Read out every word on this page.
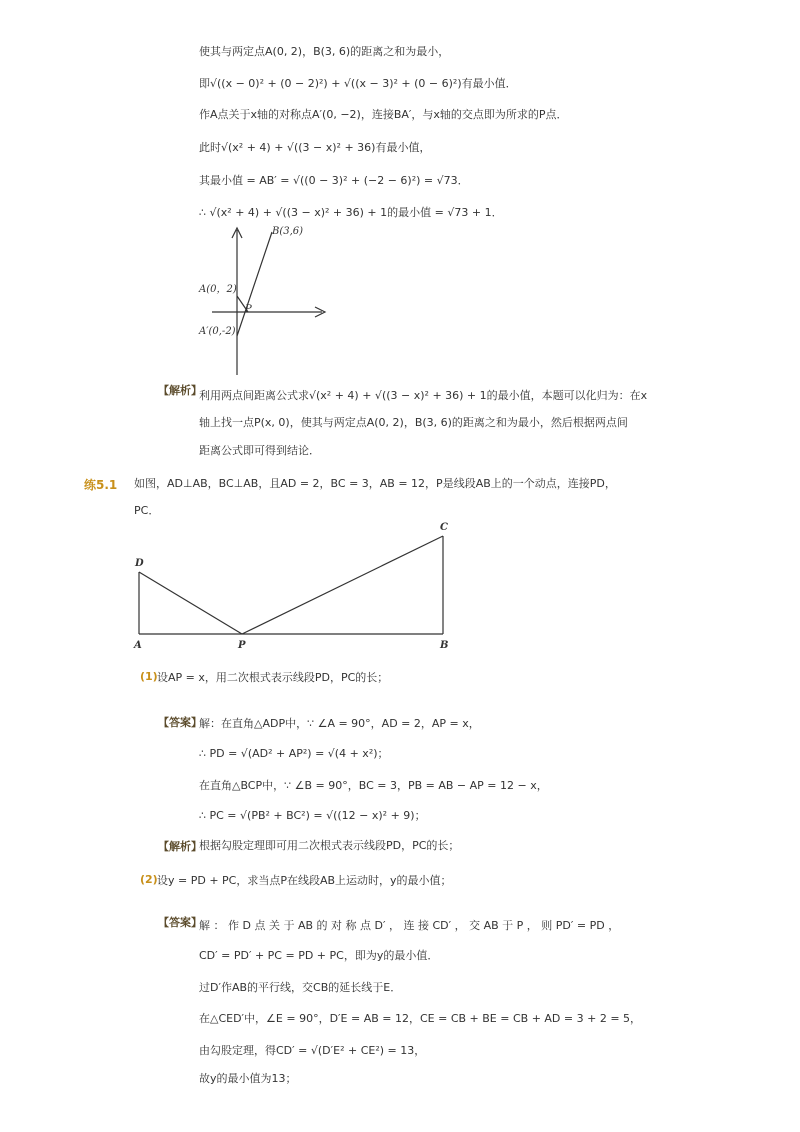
使其与两定点A(0, 2)，B(3, 6)的距离之和为最小，
即√((x − 0)² + (0 − 2)²) + √((x − 3)² + (0 − 6)²)有最小值．
作A点关于x轴的对称点A′(0, −2)，连接BA′，与x轴的交点即为所求的P点．
此时√(x² + 4) + √((3 − x)² + 36)有最小值，
其最小值 = AB′ = √((0 − 3)² + (−2 − 6)²) = √73．
∴ √(x² + 4) + √((3 − x)² + 36) + 1的最小值 = √73 + 1．
B(3,6)
A(0，2)
P
A′(0,-2)
【解析】
利用两点间距离公式求√(x² + 4) + √((3 − x)² + 36) + 1的最小值，本题可以化归为：在x
轴上找一点P(x, 0)，使其与两定点A(0, 2)，B(3, 6)的距离之和为最小，然后根据两点间
距离公式即可得到结论．
练5.1 如图，AD⊥AB，BC⊥AB，且AD = 2，BC = 3，AB = 12，P是线段AB上的一个动点，连接PD，
PC．
D
A	P
C
B
(1) 设AP = x，用二次根式表示线段PD，PC的长；
【答案】
解：在直角△ADP中，∵ ∠A = 90°，AD = 2，AP = x，
∴ PD = √(AD² + AP²) = √(4 + x²)；
在直角△BCP中，∵ ∠B = 90°，BC = 3，PB = AB − AP = 12 − x，
∴ PC = √(PB² + BC²) = √((12 − x)² + 9)；
【解析】
根据勾股定理即可用二次根式表示线段PD，PC的长；
(2) 设y = PD + PC，求当点P在线段AB上运动时，y的最小值；
【答案】
解 ： 作 D 点 关 于 AB 的 对 称 点 D′ ， 连 接 CD′ ， 交 AB 于 P ， 则 PD′ = PD ，
CD′ = PD′ + PC = PD + PC，即为y的最小值．
过D′作AB的平行线，交CB的延长线于E．
在△CED′中，∠E = 90°，D′E = AB = 12，CE = CB + BE = CB + AD = 3 + 2 = 5，
由勾股定理，得CD′ = √(D′E² + CE²) = 13，
故y的最小值为13；
